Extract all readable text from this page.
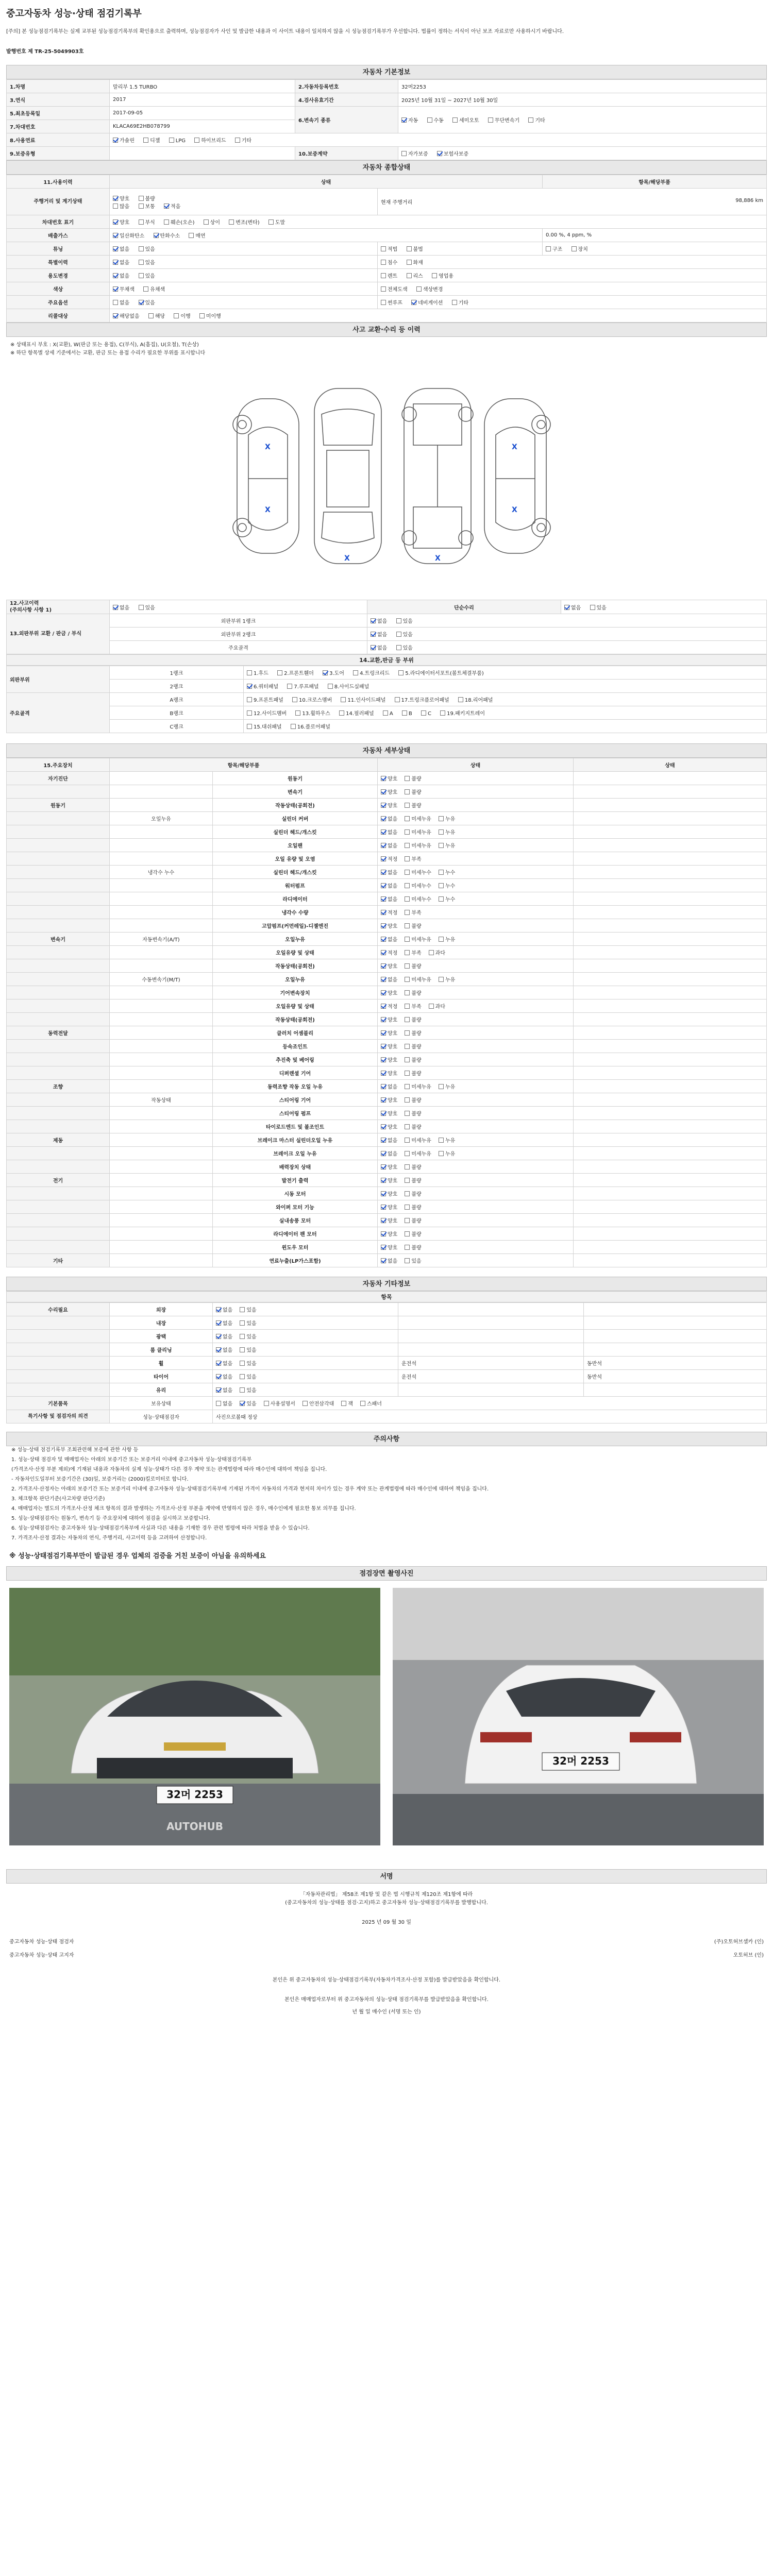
중고자동차 성능·상태 점검기록부
[주의] 본 성능점검기록부는 실제 교부된 성능점검기록부의 확인용으로 출력하며, 성능점검자가 사인 및 발급한 내용과 이 사이트 내용이 일치하지 않을 시 성능점검기록부가 우선합니다. 법률이 정하는 서식이 아닌 보조 자료로만 사용하시기 바랍니다.
발행번호 제 TR-25-5049903호
자동차 기본정보
1.차명	말리부 1.5 TURBO	2.자동차등록번호	32머2253
3.연식	2017	4.검사유효기간	2025년 10월 31일 ~ 2027년 10월 30일
5.최초등록일	2017-09-05	6.변속기 종류	자동 수동 세미오토 무단변속기 기타
7.차대번호	KLACA69E2HB078799		
8.사용연료	가솔린 디젤 LPG 하이브리드 기타		
9.보증유형		10.보증계약	자가보증 보험사보증
자동차 종합상태
11.사용이력	상태		항목/해당부품
주행거리 및 계기상태	양호 불량
많음 보통 적음	현재 주행거리 98,886 km	

차대번호 표기	양호 부식 훼손(오손) 상이 변조(변타) 도말		
배출가스	일산화탄소 탄화수소 매연		0.00 %, 4 ppm, %
튜닝	없음 있음	적법 불법	구조 장치
특별이력	없음 있음	침수 화재	
용도변경	없음 있음	렌트 리스 영업용	
색상	무채색 유채색	전체도색 색상변경	
주요옵션	없음 있음	썬루프 네비게이션 기타	
리콜대상	해당없음 해당 이행 미이행		
사고 교환·수리 등 이력
※ 상태표시 부호 : X(교환), W(판금 또는 용접), C(부식), A(흠집), U(요철), T(손상)
※ 하단 항목별 상세 기준에서는 교환, 판금 또는 용접 수리가 필요한 부위를 표시합니다
X
X
X
X
X	X
12.사고이력
(주의사항 사항 1)	없음 있음	단순수리	없음 있음
13.외판부위 교환 / 판금 / 부식	외판부위 1랭크	없음 있음	
	외판부위 2랭크	없음 있음	
	주요골격	없음 있음	
14.교환,판금 등 부위
외판부위	1랭크	1.후드 2.프론트휀더 3.도어 4.트렁크리드 5.라디에이터서포트(볼트체결부품)
	2랭크	6.쿼터패널 7.루프패널 8.사이드실패널
주요골격	A랭크	9.프론트패널 10.크로스멤버 11.인사이드패널 17.트렁크플로어패널 18.리어패널
	B랭크	12.사이드멤버 13.휠하우스 14.필러패널 A B C 19.패키지트레이
	C랭크	15.대쉬패널 16.플로어패널
자동차 세부상태
15.주요장치	항목/해당부품		상태	상태
자기진단		원동기	양호 불량	
		변속기	양호 불량	
원동기		작동상태(공회전)	양호 불량	
	오일누유	실린더 커버	없음 미세누유 누유	
		실린더 헤드/개스킷	없음 미세누유 누유	
		오일팬	없음 미세누유 누유	
		오일 유량 및 오염	적정 부족	
	냉각수 누수	실린더 헤드/개스킷	없음 미세누수 누수	
		워터펌프	없음 미세누수 누수	
		라디에이터	없음 미세누수 누수	
		냉각수 수량	적정 부족	
		고압펌프(커먼레일)-디젤엔진	양호 불량	
변속기	자동변속기(A/T)	오일누유	없음 미세누유 누유	
		오일유량 및 상태	적정 부족 과다	
		작동상태(공회전)	양호 불량	
	수동변속기(M/T)	오일누유	없음 미세누유 누유	
		기어변속장치	양호 불량	
		오일유량 및 상태	적정 부족 과다	
		작동상태(공회전)	양호 불량	
동력전달		클러치 어셈블리	양호 불량	
		등속조인트	양호 불량	
		추진축 및 베어링	양호 불량	
		디퍼렌셜 기어	양호 불량	
조향		동력조향 작동 오일 누유	없음 미세누유 누유	
	작동상태	스티어링 기어	양호 불량	
		스티어링 펌프	양호 불량	
		타이로드엔드 및 볼조인트	양호 불량	
제동		브레이크 마스터 실린더오일 누유	없음 미세누유 누유	
		브레이크 오일 누유	없음 미세누유 누유	
		배력장치 상태	양호 불량	
전기		발전기 출력	양호 불량	
		시동 모터	양호 불량	
		와이퍼 모터 기능	양호 불량	
		실내송풍 모터	양호 불량	
		라디에이터 팬 모터	양호 불량	
		윈도우 모터	양호 불량	
기타		연료누출(LP가스포함)	없음 있음	
자동차 기타정보
항목
수리필요	외장	없음 있음		
	내장	없음 있음		
	광택	없음 있음		
	룸 클리닝	없음 있음		
	휠	없음 있음	운전석	동반석
	타이어	없음 있음	운전석	동반석
	유리	없음 있음		
기본품목	보유상태	없음 있음 사용설명서 안전삼각대 잭 스패너		
특기사항 및 점검자의 의견	성능·상태점검자	사진으로볼때 정상		
주의사항
※ 성능·상태 점검기록부 조회관련해 보증에 관한 사항 등
1. 성능·상태 점검자 및 매매업자는 아래의 보증기간 또는 보증거리 이내에 중고자동차 성능·상태점검기록부
(가격조사·산정 부분 제외)에 기재된 내용과 자동차의 실제 성능·상태가 다른 경우 계약 또는 관계법령에 따라 매수인에 대하여 책임을 집니다.
- 자동차인도일부터 보증기간은 (30)일, 보증거리는 (2000)킬로미터로 합니다.
2. 가격조사·산정자는 아래의 보증기간 또는 보증거리 이내에 중고자동차 성능·상태점검기록부에 기재된 가격이 자동차의 가격과 현저히 차이가 있는 경우 계약 또는 관계법령에 따라 매수인에 대하여 책임을 집니다.
3. 체크항목 판단기준(사고차량 판단기준)
4. 매매업자는 별도의 가격조사·산정 체크 항목의 결과 발생하는 가격조사·산정 부분을 계약에 반영하지 않은 경우, 매수인에게 필요한 통보 의무를 집니다.
5. 성능·상태점검자는 원동기, 변속기 등 주요장치에 대하여 점검을 실시하고 보증합니다.
6. 성능·상태점검자는 중고자동차 성능·상태점검기록부에 사실과 다른 내용을 기재한 경우 관련 법령에 따라 처벌을 받을 수 있습니다.
7. 가격조사·산정 결과는 자동차의 연식, 주행거리, 사고이력 등을 고려하여 산정합니다.
※ 성능·상태점검기록부만이 발급된 경우 업체의 검증을 거친 보증이 아님을 유의하세요
점검장면 촬영사진
32머 2253
AUTOHUB
32머 2253
서명
「자동차관리법」 제58조 제1항 및 같은 법 시행규칙 제120조 제1항에 따라
(중고자동차의 성능·상태를 점검·고지)하고 중고자동차 성능·상태점검기록부를 발행합니다.
2025 년 09 월 30 일
중고자동차 성능·상태 점검자	(주)오토허브셀카 (인)
중고자동차 성능·상태 고지자	오토허브 (인)
본인은 위 중고자동차의 성능·상태점검기록부(자동차가격조사·산정 포함)를 발급받았음을 확인합니다.
본인은 매매업자로부터 위 중고자동차의 성능·상태 점검기록부를 발급받았음을 확인합니다.
년 월 일 매수인 (서명 또는 인)
